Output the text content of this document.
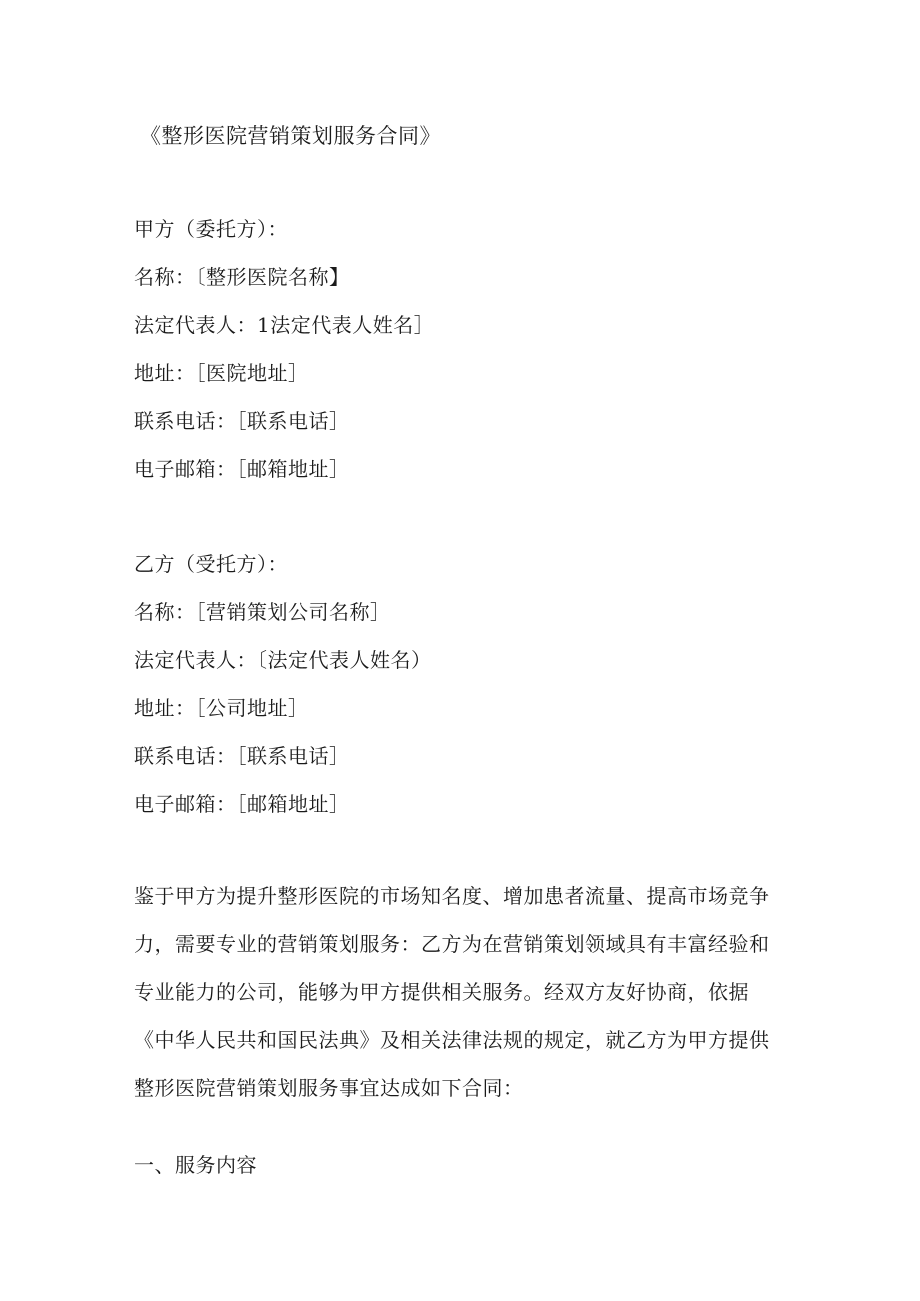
《整形医院营销策划服务合同》
甲方（委托方）：
名称：〔整形医院名称】
法定代表人：1法定代表人姓名］
地址：［医院地址］
联系电话：［联系电话］
电子邮箱：［邮箱地址］
乙方（受托方）：
名称：［营销策划公司名称］
法定代表人：〔法定代表人姓名）
地址：［公司地址］
联系电话：［联系电话］
电子邮箱：［邮箱地址］
鉴于甲方为提升整形医院的市场知名度、增加患者流量、提高市场竞争
力，需要专业的营销策划服务：乙方为在营销策划领域具有丰富经验和
专业能力的公司，能够为甲方提供相关服务。经双方友好协商，依据
《中华人民共和国民法典》及相关法律法规的规定，就乙方为甲方提供
整形医院营销策划服务事宜达成如下合同：
一、服务内容
